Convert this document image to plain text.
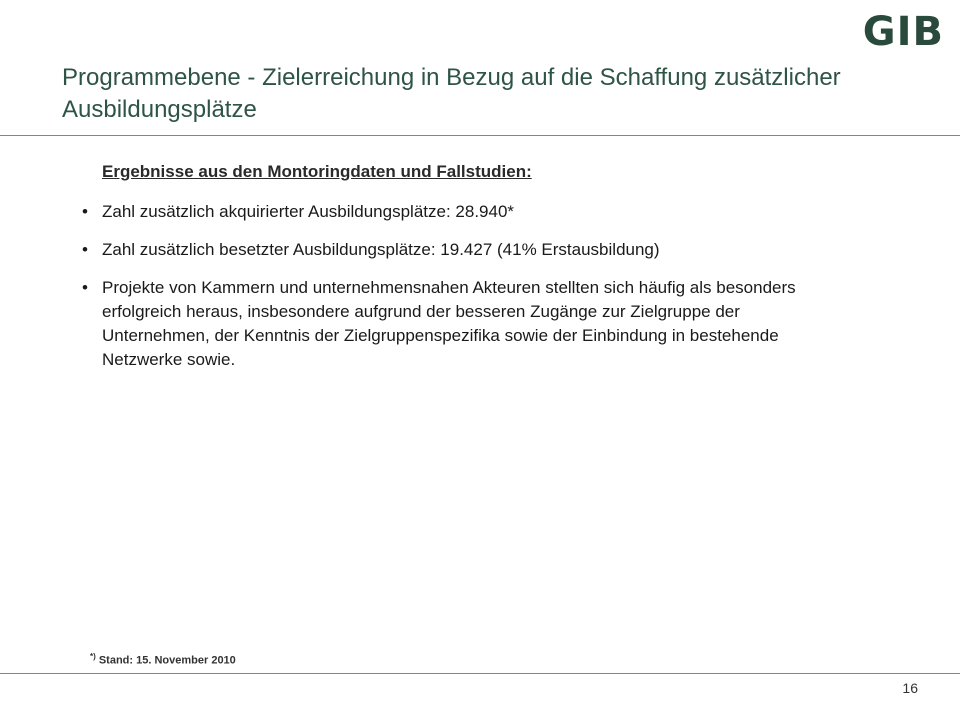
GIB
Programmebene - Zielerreichung in Bezug auf die Schaffung zusätzlicher Ausbildungsplätze
Ergebnisse aus den Montoringdaten und Fallstudien:
• Zahl zusätzlich akquirierter Ausbildungsplätze: 28.940*
• Zahl zusätzlich besetzter Ausbildungsplätze: 19.427 (41% Erstausbildung)
• Projekte von Kammern und unternehmensnahen Akteuren stellten sich häufig als besonders erfolgreich heraus, insbesondere aufgrund der besseren Zugänge zur Zielgruppe der Unternehmen, der Kenntnis der Zielgruppenspezifika sowie der Einbindung in bestehende Netzwerke sowie.
*) Stand: 15. November 2010
16
